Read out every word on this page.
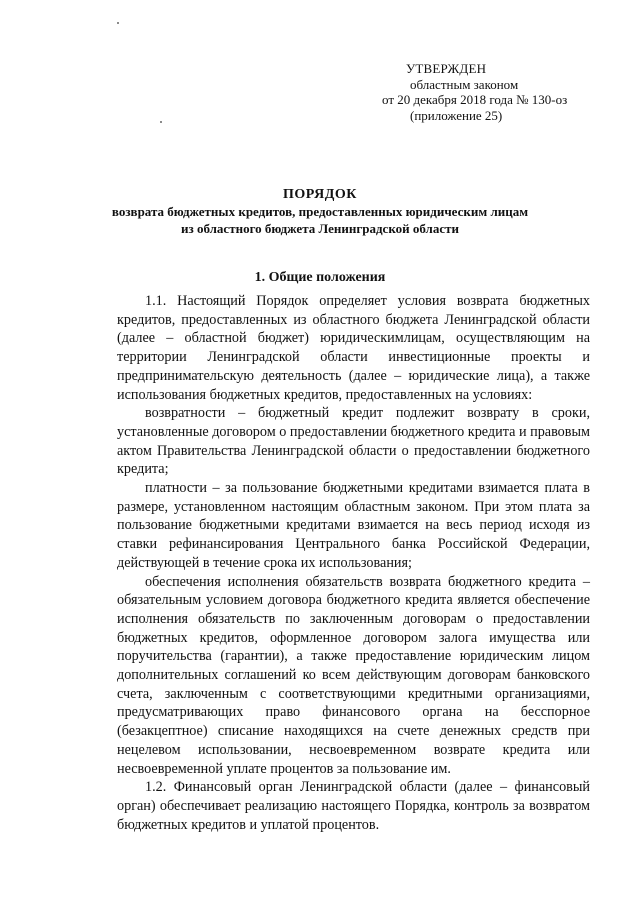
УТВЕРЖДЕН
областным законом
от 20 декабря 2018 года № 130-оз
(приложение 25)
ПОРЯДОК
возврата бюджетных кредитов, предоставленных юридическим лицам
из областного бюджета Ленинградской области
1. Общие положения

1.1. Настоящий Порядок определяет условия возврата бюджетных кредитов, предоставленных из областного бюджета Ленинградской области (далее – областной бюджет) юридическимлицам, осуществляющим на территории Ленинградской области инвестиционные проекты и предпринимательскую деятельность (далее – юридические лица), а также использования бюджетных кредитов, предоставленных на условиях:

возвратности – бюджетный кредит подлежит возврату в сроки, установленные договором о предоставлении бюджетного кредита и правовым актом Правительства Ленинградской области о предоставлении бюджетного кредита;

платности – за пользование бюджетными кредитами взимается плата в размере, установленном настоящим областным законом. При этом плата за пользование бюджетными кредитами взимается на весь период исходя из ставки рефинансирования Центрального банка Российской Федерации, действующей в течение срока их использования;

обеспечения исполнения обязательств возврата бюджетного кредита – обязательным условием договора бюджетного кредита является обеспечение исполнения обязательств по заключенным договорам о предоставлении бюджетных кредитов, оформленное договором залога имущества или поручительства (гарантии), а также предоставление юридическим лицом дополнительных соглашений ко всем действующим договорам банковского счета, заключенным с соответствующими кредитными организациями, предусматривающих право финансового органа на бесспорное (безакцептное) списание находящихся на счете денежных средств при нецелевом использовании, несвоевременном возврате кредита или несвоевременной уплате процентов за пользование им.

1.2. Финансовый орган Ленинградской области (далее – финансовый орган) обеспечивает реализацию настоящего Порядка, контроль за возвратом бюджетных кредитов и уплатой процентов.
